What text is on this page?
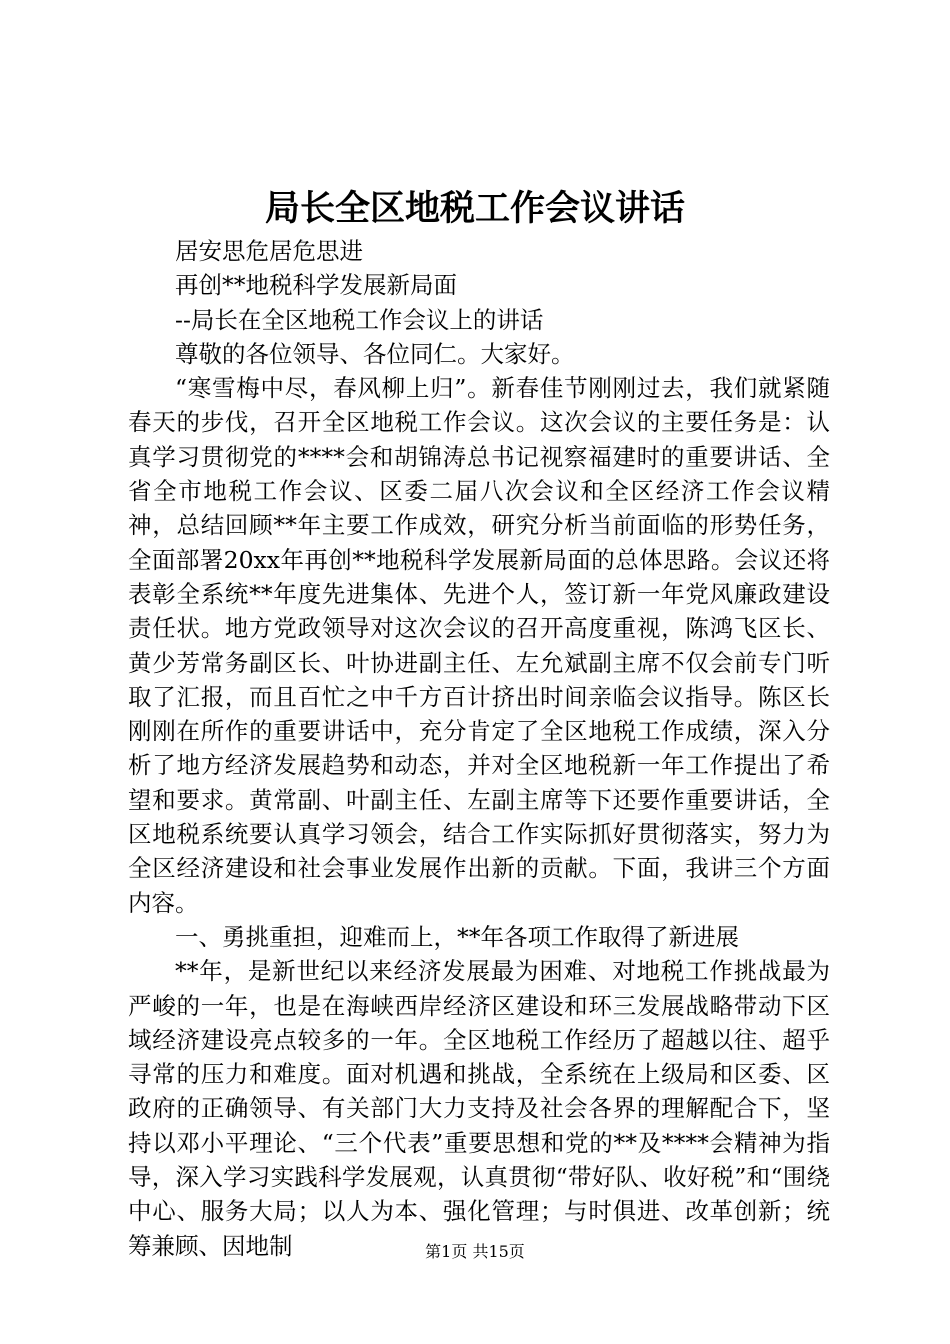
局长全区地税工作会议讲话

居安思危居危思进

再创**地税科学发展新局面

--局长在全区地税工作会议上的讲话

尊敬的各位领导、各位同仁。大家好。

“寒雪梅中尽，春风柳上归”。新春佳节刚刚过去，我们就紧随春天的步伐，召开全区地税工作会议。这次会议的主要任务是：认真学习贯彻党的****会和胡锦涛总书记视察福建时的重要讲话、全省全市地税工作会议、区委二届八次会议和全区经济工作会议精神，总结回顾**年主要工作成效，研究分析当前面临的形势任务，全面部署20xx年再创**地税科学发展新局面的总体思路。会议还将表彰全系统**年度先进集体、先进个人，签订新一年党风廉政建设责任状。地方党政领导对这次会议的召开高度重视，陈鸿飞区长、黄少芳常务副区长、叶协进副主任、左允斌副主席不仅会前专门听取了汇报，而且百忙之中千方百计挤出时间亲临会议指导。陈区长刚刚在所作的重要讲话中，充分肯定了全区地税工作成绩，深入分析了地方经济发展趋势和动态，并对全区地税新一年工作提出了希望和要求。黄常副、叶副主任、左副主席等下还要作重要讲话，全区地税系统要认真学习领会，结合工作实际抓好贯彻落实，努力为全区经济建设和社会事业发展作出新的贡献。下面，我讲三个方面内容。

一、勇挑重担，迎难而上，**年各项工作取得了新进展

**年，是新世纪以来经济发展最为困难、对地税工作挑战最为严峻的一年，也是在海峡西岸经济区建设和环三发展战略带动下区域经济建设亮点较多的一年。全区地税工作经历了超越以往、超乎寻常的压力和难度。面对机遇和挑战，全系统在上级局和区委、区政府的正确领导、有关部门大力支持及社会各界的理解配合下，坚持以邓小平理论、“三个代表”重要思想和党的**及****会精神为指导，深入学习实践科学发展观，认真贯彻“带好队、收好税”和“围绕中心、服务大局；以人为本、强化管理；与时俱进、改革创新；统筹兼顾、因地制	第1页 共15页
